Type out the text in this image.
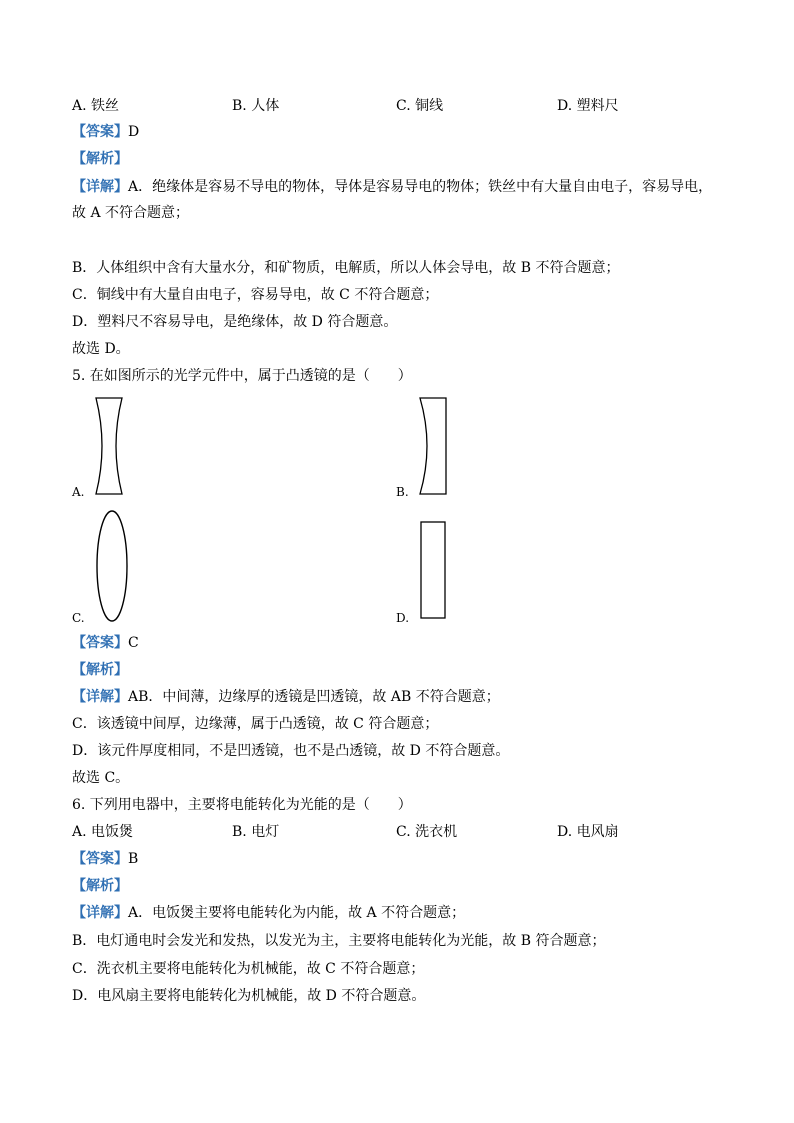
A. 铁丝	B. 人体	C. 铜线	D. 塑料尺
【答案】D
【解析】
【详解】A．绝缘体是容易不导电的物体，导体是容易导电的物体；铁丝中有大量自由电子，容易导电，
故 A 不符合题意；
B．人体组织中含有大量水分，和矿物质，电解质，所以人体会导电，故 B 不符合题意；
C．铜线中有大量自由电子，容易导电，故 C 不符合题意；
D．塑料尺不容易导电，是绝缘体，故 D 符合题意。
故选 D。
5. 在如图所示的光学元件中，属于凸透镜的是（　　）
A.	B.
C.	D.
【答案】C
【解析】
【详解】AB．中间薄，边缘厚的透镜是凹透镜，故 AB 不符合题意；
C．该透镜中间厚，边缘薄，属于凸透镜，故 C 符合题意；
D．该元件厚度相同，不是凹透镜，也不是凸透镜，故 D 不符合题意。
故选 C。
6. 下列用电器中，主要将电能转化为光能的是（　　）
A. 电饭煲	B. 电灯	C. 洗衣机	D. 电风扇
【答案】B
【解析】
【详解】A．电饭煲主要将电能转化为内能，故 A 不符合题意；
B．电灯通电时会发光和发热，以发光为主，主要将电能转化为光能，故 B 符合题意；
C．洗衣机主要将电能转化为机械能，故 C 不符合题意；
D．电风扇主要将电能转化为机械能，故 D 不符合题意。
